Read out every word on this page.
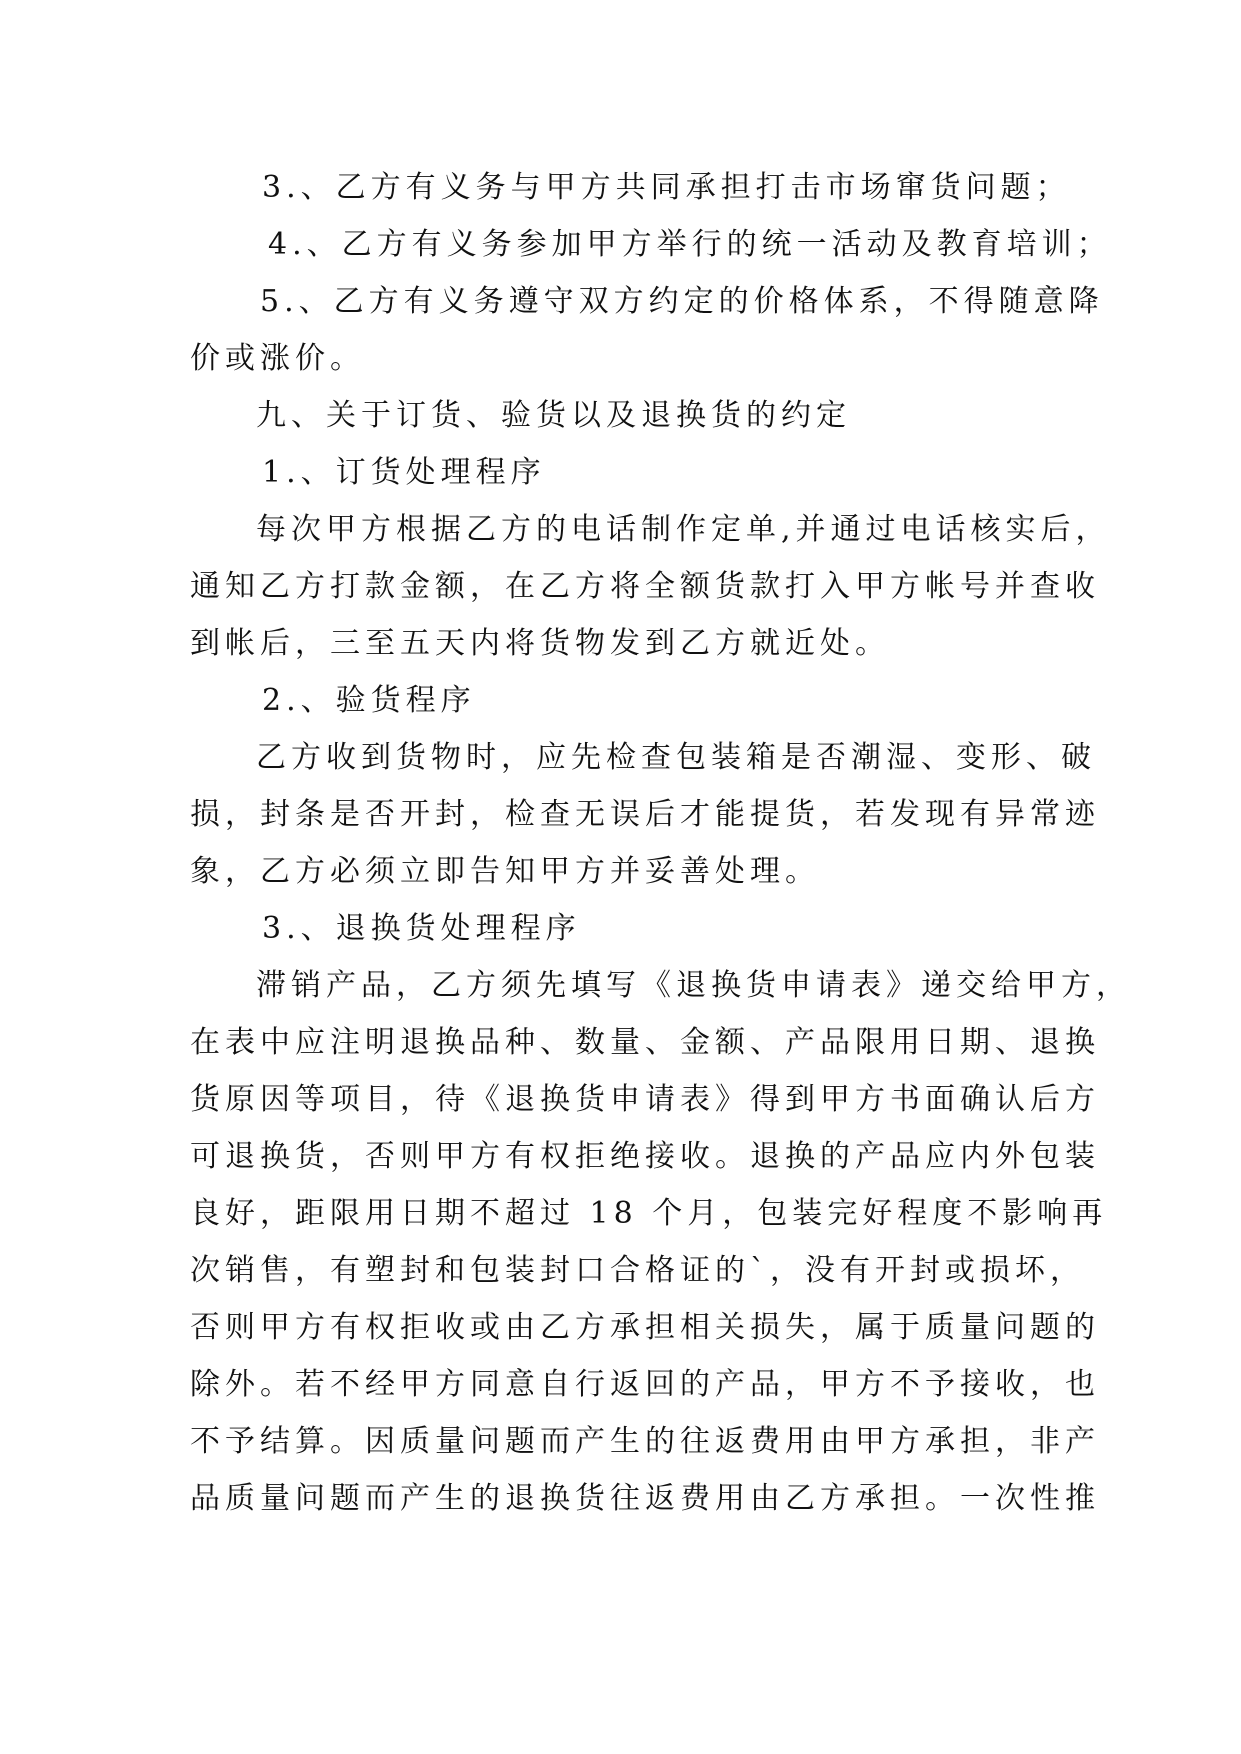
3.、乙方有义务与甲方共同承担打击市场窜货问题；
4.、乙方有义务参加甲方举行的统一活动及教育培训；
5.、乙方有义务遵守双方约定的价格体系，不得随意降
价或涨价。
九、关于订货、验货以及退换货的约定
1.、订货处理程序
每次甲方根据乙方的电话制作定单,并通过电话核实后，
通知乙方打款金额，在乙方将全额货款打入甲方帐号并查收
到帐后，三至五天内将货物发到乙方就近处。
2.、验货程序
乙方收到货物时，应先检查包装箱是否潮湿、变形、破
损，封条是否开封，检查无误后才能提货，若发现有异常迹
象，乙方必须立即告知甲方并妥善处理。
3.、退换货处理程序
滞销产品，乙方须先填写《退换货申请表》递交给甲方，
在表中应注明退换品种、数量、金额、产品限用日期、退换
货原因等项目，待《退换货申请表》得到甲方书面确认后方
可退换货，否则甲方有权拒绝接收。退换的产品应内外包装
良好，距限用日期不超过 18 个月，包装完好程度不影响再
次销售，有塑封和包装封口合格证的`，没有开封或损坏，
否则甲方有权拒收或由乙方承担相关损失，属于质量问题的
除外。若不经甲方同意自行返回的产品，甲方不予接收，也
不予结算。因质量问题而产生的往返费用由甲方承担，非产
品质量问题而产生的退换货往返费用由乙方承担。一次性推
